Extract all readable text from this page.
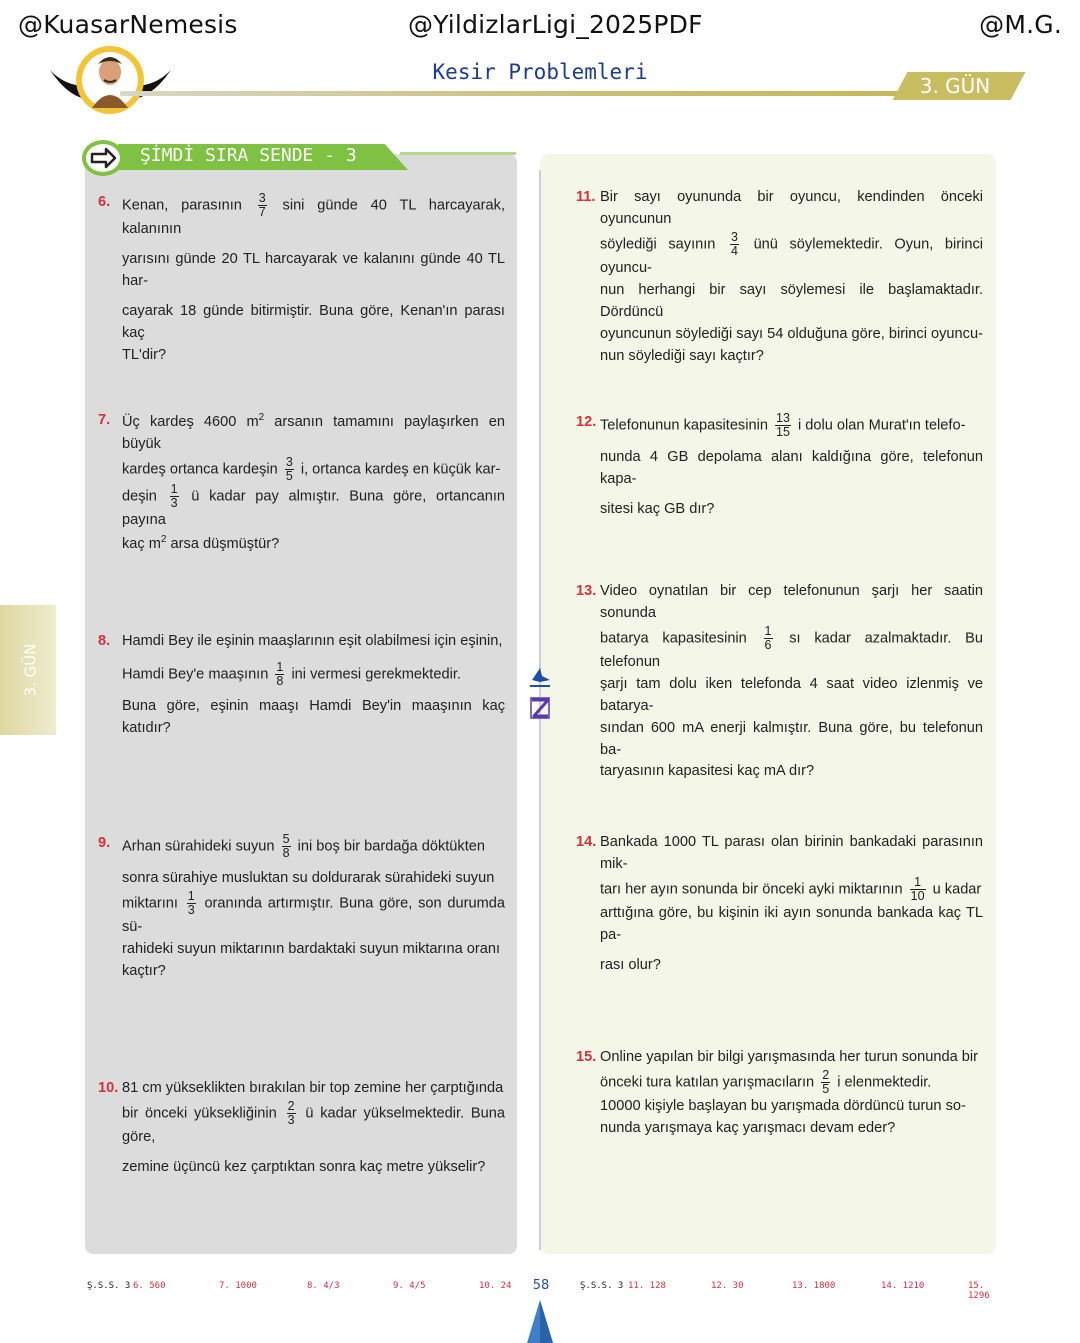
@KuasarNemesis	@YildizlarLigi_2025PDF	@M.G.
Kesir Problemleri
3. GÜN
3. GÜN
ŞİMDİ SIRA SENDE - 3
6. Kenan, parasının $\frac{3}{7}$ sini günde 40 TL harcayarak, kalanının

yarısını günde 20 TL harcayarak ve kalanını günde 40 TL har-

cayarak 18 günde bitirmiştir. Buna göre, Kenan'ın parası kaç

TL'dir?

7. Üç kardeş 4600 $m^2$ arsanın tamamını paylaşırken en büyük

kardeş ortanca kardeşin $\frac{3}{5} i$, ortanca kardeş en küçük kar-

deşin $\frac{1}{3}$ ü kadar pay almıştır. Buna göre, ortancanın payına

kaç $m^2$ arsa düşmüştür?

8. Hamdi Bey ile eşinin maaşlarının eşit olabilmesi için eşinin,

Hamdi Bey'e maaşının $\frac{1}{8}$ ini vermesi gerekmektedir.

Buna göre, eşinin maaşı Hamdi Bey'in maaşının kaç katıdır?

9. Arhan sürahideki suyun $\frac{5}{8}$ ini boş bir bardağa döktükten

sonra sürahiye musluktan su doldurarak sürahideki suyun

miktarını $\frac{1}{3}$ oranında artırmıştır. Buna göre, son durumda sü-

rahideki suyun miktarının bardaktaki suyun miktarına oranı

kaçtır?

10. 81 cm yükseklikten bırakılan bir top zemine her çarptığında

bir önceki yüksekliğinin $\frac{2}{3}$ ü kadar yükselmektedir. Buna göre,

zemine üçüncü kez çarptıktan sonra kaç metre yükselir?

11. Bir sayı oyununda bir oyuncu, kendinden önceki oyuncunun

söylediği sayının $\frac{3}{4}$ ünü söylemektedir. Oyun, birinci oyuncu-

nun herhangi bir sayı söylemesi ile başlamaktadır. Dördüncü

oyuncunun söylediği sayı 54 olduğuna göre, birinci oyuncu-

nun söylediği sayı kaçtır?

12. Telefonunun kapasitesinin $\frac{13}{15}$ i dolu olan Murat'ın telefo-

nunda 4 GB depolama alanı kaldığına göre, telefonun kapa-

sitesi kaç GB dır?

13. Video oynatılan bir cep telefonunun şarjı her saatin sonunda

batarya kapasitesinin $\frac{1}{6}$ sı kadar azalmaktadır. Bu telefonun

şarjı tam dolu iken telefonda 4 saat video izlenmiş ve batarya-

sından 600 mA enerji kalmıştır. Buna göre, bu telefonun ba-

taryasının kapasitesi kaç mA dır?

14. Bankada 1000 TL parası olan birinin bankadaki parasının mik-

tarı her ayın sonunda bir önceki ayki miktarının $\frac{1}{10}$ u kadar

arttığına göre, bu kişinin iki ayın sonunda bankada kaç TL pa-

rası olur?

15. Online yapılan bir bilgi yarışmasında her turun sonunda bir

önceki tura katılan yarışmacıların $\frac{2}{5}$ i elenmektedir.

10000 kişiyle başlayan bu yarışmada dördüncü turun so-

nunda yarışmaya kaç yarışmacı devam eder?

Ş.S.S. 3 6. 560	7. 1000	8. 4/3	9. 4/5	10. 24	58	Ş.S.S. 3 11. 128	12. 30	13. 1800	14. 1210	15. 1296
